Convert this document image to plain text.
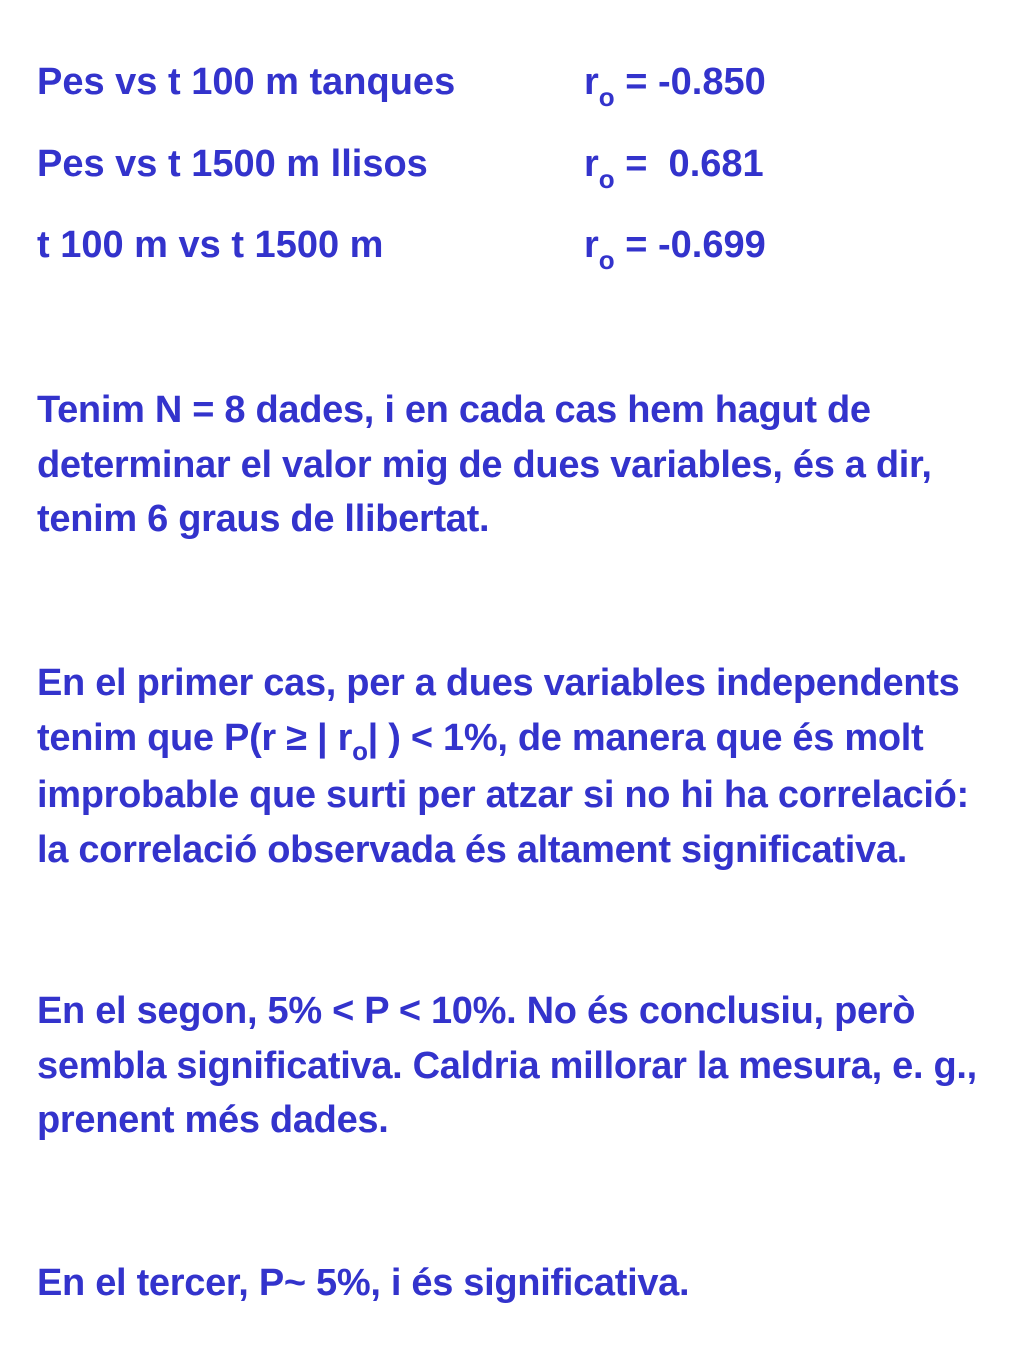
Pes vs t 100 m tanques	$r_o = -0.850$
Pes vs t 1500 m llisos	$r_o = 0.681$
t 100 m vs t 1500 m	$r_o = -0.699$
Tenim N = 8 dades, i en cada cas hem hagut de
determinar el valor mig de dues variables, és a dir,
tenim 6 graus de llibertat.
En el primer cas, per a dues variables independents
tenim que P(r ≥ | $r_o|$ ) < 1%, de manera que és molt
improbable que surti per atzar si no hi ha correlació:
la correlació observada és altament significativa.
En el segon, 5% < P < 10%. No és conclusiu, però
sembla significativa. Caldria millorar la mesura, e. g.,
prenent més dades.
En el tercer, P~ 5%, i és significativa.
